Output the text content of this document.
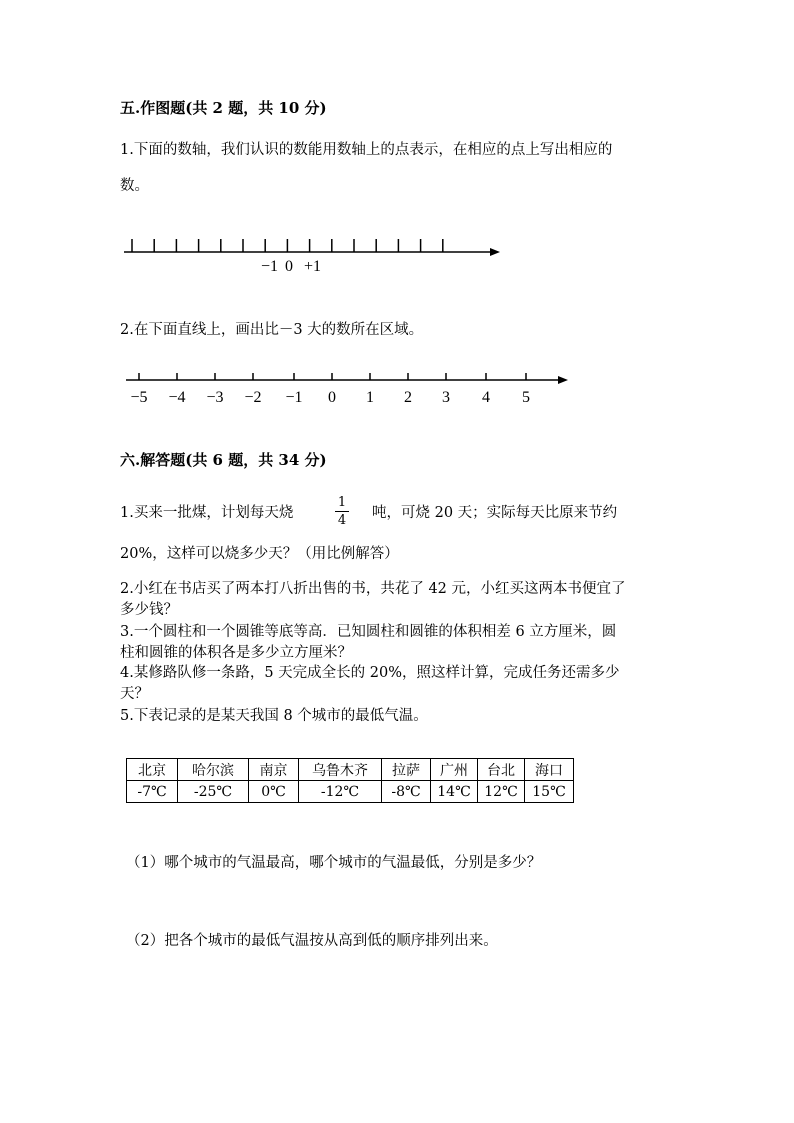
五.作图题(共 2 题，共 10 分)
1.下面的数轴，我们认识的数能用数轴上的点表示，在相应的点上写出相应的
数。
−1 0 +1
2.在下面直线上，画出比－3 大的数所在区域。
−5 −4 −3 −2 −1 0 1 2 3 4 5
六.解答题(共 6 题，共 34 分)
1.买来一批煤，计划每天烧
1
4	吨，可烧 20 天；实际每天比原来节约
20%，这样可以烧多少天？（用比例解答）
2.小红在书店买了两本打八折出售的书，共花了 42 元，小红买这两本书便宜了
多少钱？
3.一个圆柱和一个圆锥等底等高．已知圆柱和圆锥的体积相差 6 立方厘米，圆
柱和圆锥的体积各是多少立方厘米？
4.某修路队修一条路，5 天完成全长的 20%，照这样计算，完成任务还需多少
天？
5.下表记录的是某天我国 8 个城市的最低气温。
北京	哈尔滨	南京	乌鲁木齐	拉萨	广州	台北	海口
-7℃	-25℃	0℃	-12℃	-8℃	14℃	12℃	15℃
（1）哪个城市的气温最高，哪个城市的气温最低，分别是多少？
（2）把各个城市的最低气温按从高到低的顺序排列出来。
